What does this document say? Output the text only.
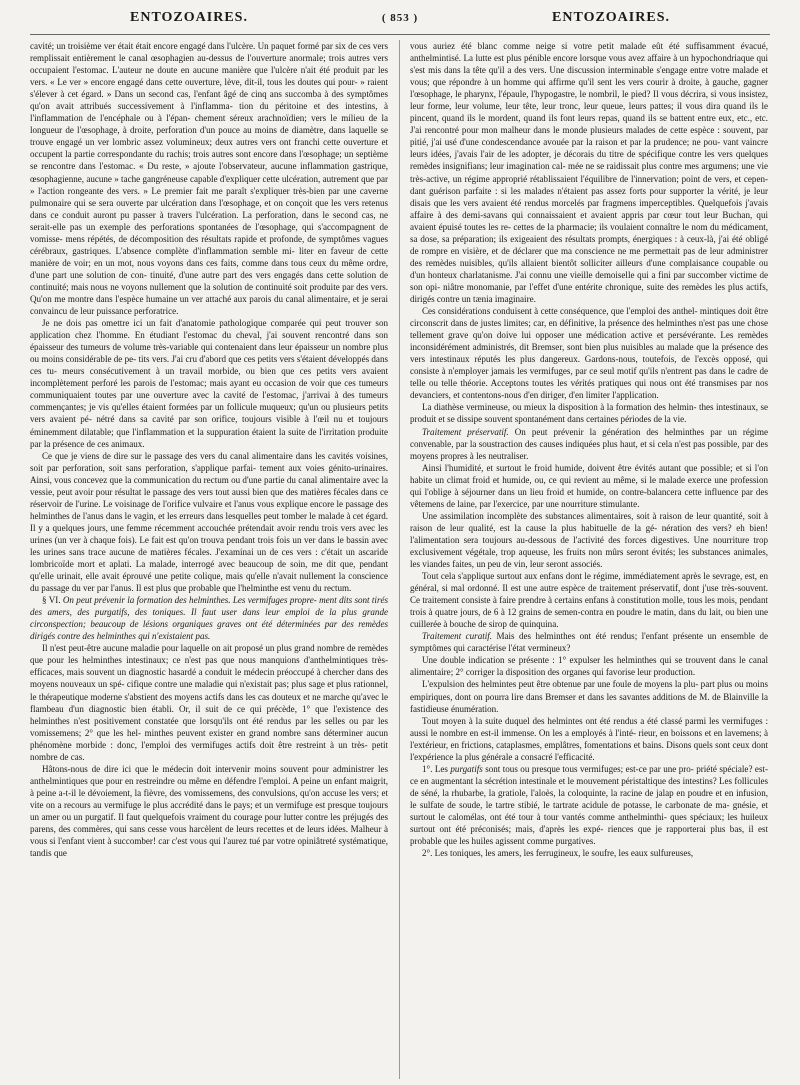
ENTOZOAIRES.	( 853 )	ENTOZOAIRES.

cavité; un troisième ver était était encore engagé dans l'ulcère. Un paquet formé par six de ces vers remplissait entièrement le canal œsophagien au-dessus de l'ouverture anormale; trois autres vers occupaient l'estomac. L'auteur ne doute en aucune manière que l'ulcère n'ait été produit par les vers. « Le ver » encore engagé dans cette ouverture, lève, dit-il, tous les doutes qui pour- » raient s'élever à cet égard. » Dans un second cas, l'enfant âgé de cinq ans succomba à des symptômes qu'on avait attribués successivement à l'inflamma- tion du péritoine et des intestins, à l'inflammation de l'encéphale ou à l'épan- chement séreux arachnoïdien; vers le milieu de la longueur de l'œsophage, à droite, perforation d'un pouce au moins de diamètre, dans laquelle se trouve engagé un ver lombric assez volumineux; deux autres vers ont franchi cette ouverture et occupent la partie correspondante du rachis; trois autres sont encore dans l'œsophage; un septième se rencontre dans l'estomac. « Du reste, » ajoute l'observateur, aucune inflammation gastrique, œsophagienne, aucune » tache gangréneuse capable d'expliquer cette ulcération, autrement que par » l'action rongeante des vers. » Le premier fait me paraît s'expliquer très-bien par une caverne pulmonaire qui se sera ouverte par ulcération dans l'œsophage, et on conçoit que les vers retenus dans ce conduit auront pu passer à travers l'ulcération. La perforation, dans le second cas, ne serait-elle pas un exemple des perforations spontanées de l'œsophage, qui s'accompagnent de vomisse- mens répétés, de décomposition des résultats rapide et profonde, de symptômes vagues cérébraux, gastriques. L'absence complète d'inflammation semble mi- liter en faveur de cette manière de voir; en un mot, nous voyons dans ces faits, comme dans tous ceux du même ordre, d'une part une solution de con- tinuité, d'une autre part des vers engagés dans cette solution de continuité; mais nous ne voyons nullement que la solution de continuité soit produite par des vers. Qu'on me montre dans l'espèce humaine un ver attaché aux parois du canal alimentaire, et je serai convaincu de leur puissance perforatrice.

Je ne dois pas omettre ici un fait d'anatomie pathologique comparée qui peut trouver son application chez l'homme. En étudiant l'estomac du cheval, j'ai souvent rencontré dans son épaisseur des tumeurs de volume très-variable qui contenaient dans leur épaisseur un nombre plus ou moins considérable de pe- tits vers. J'ai cru d'abord que ces petits vers s'étaient développés dans ces tu- meurs consécutivement à un travail morbide, ou bien que ces petits vers avaient incomplètement perforé les parois de l'estomac; mais ayant eu occasion de voir que ces tumeurs communiquaient toutes par une ouverture avec la cavité de l'estomac, j'arrivai à des tumeurs commençantes; je vis qu'elles étaient formées par un follicule muqueux; qu'un ou plusieurs petits vers avaient pé- nétré dans sa cavité par son orifice, toujours visible à l'œil nu et toujours éminemment dilatable; que l'inflammation et la suppuration étaient la suite de l'irritation produite par la présence de ces animaux.

Ce que je viens de dire sur le passage des vers du canal alimentaire dans les cavités voisines, soit par perforation, soit sans perforation, s'applique parfai- tement aux voies génito-urinaires. Ainsi, vous concevez que la communication du rectum ou d'une partie du canal alimentaire avec la vessie, peut avoir pour résultat le passage des vers tout aussi bien que des matières fécales dans ce réservoir de l'urine. Le voisinage de l'orifice vulvaire et l'anus vous explique encore le passage des helminthes de l'anus dans le vagin, et les erreurs dans lesquelles peut tomber le malade à cet égard. Il y a quelques jours, une femme récemment accouchée prétendait avoir rendu trois vers avec les urines (un ver à chaque fois). Le fait est qu'on trouva pendant trois fois un ver dans le bassin avec les urines sans trace aucune de matières fécales. J'examinai un de ces vers : c'était un ascaride lombricoïde mort et aplati. La malade, interrogé avec beaucoup de soin, me dit que, pendant qu'elle urinait, elle avait éprouvé une petite colique, mais qu'elle n'avait nullement la conscience du passage du ver par l'anus. Il est plus que probable que l'helminthe est venu du rectum.

§ VI. On peut prévenir la formation des helminthes. Les vermifuges propre- ment dits sont tirés des amers, des purgatifs, des toniques. Il faut user dans leur emploi de la plus grande circonspection; beaucoup de lésions organiques graves ont été déterminées par des remèdes dirigés contre des helminthes qui n'existaient pas.

Il n'est peut-être aucune maladie pour laquelle on ait proposé un plus grand nombre de remèdes que pour les helminthes intestinaux; ce n'est pas que nous manquions d'anthelmintiques très-efficaces, mais souvent un diagnostic hasardé a conduit le médecin préoccupé à chercher dans des moyens nouveaux un spé- cifique contre une maladie qui n'existait pas; plus sage et plus rationnel, le thérapeutique moderne s'abstient des moyens actifs dans les cas douteux et ne marche qu'avec le flambeau d'un diagnostic bien établi. Or, il suit de ce qui précède, 1° que l'existence des helminthes n'est positivement constatée que lorsqu'ils ont été rendus par les selles ou par les vomissemens; 2° que les hel- minthes peuvent exister en grand nombre sans déterminer aucun phénomène morbide : donc, l'emploi des vermifuges actifs doit être restreint à un très- petit nombre de cas.

Hâtons-nous de dire ici que le médecin doit intervenir moins souvent pour administrer les anthelmintiques que pour en restreindre ou même en défendre l'emploi. A peine un enfant maigrit, à peine a-t-il le dévoiement, la fièvre, des vomissemens, des convulsions, qu'on accuse les vers; et vite on a recours au vermifuge le plus accrédité dans le pays; et un vermifuge est presque toujours un amer ou un purgatif. Il faut quelquefois vraiment du courage pour lutter contre les préjugés des parens, des commères, qui sans cesse vous harcèlent de leurs recettes et de leurs idées. Malheur à vous si l'enfant vient à succomber! car c'est vous qui l'aurez tué par votre opiniâtreté systématique, tandis que

vous auriez été blanc comme neige si votre petit malade eût été suffisamment évacué, anthelmintisé. La lutte est plus pénible encore lorsque vous avez affaire à un hypochondriaque qui s'est mis dans la tête qu'il a des vers. Une discussion interminable s'engage entre votre malade et vous; que répondre à un homme qui affirme qu'il sent les vers courir à droite, à gauche, gagner l'œsophage, le pharynx, l'épaule, l'hypogastre, le nombril, le pied? Il vous décrira, si vous insistez, leur forme, leur volume, leur tête, leur tronc, leur queue, leurs pattes; il vous dira quand ils le pincent, quand ils le mordent, quand ils font leurs repas, quand ils se battent entre eux, etc., etc. J'ai rencontré pour mon malheur dans le monde plusieurs malades de cette espèce : souvent, par pitié, j'ai usé d'une condescendance avouée par la raison et par la prudence; ne pou- vant vaincre leurs idées, j'avais l'air de les adopter, je décorais du titre de spécifique contre les vers quelques remèdes insignifians; leur imagination cal- mée ne se raidissait plus contre mes argumens; une vie très-active, un régime approprié rétablissaient l'équilibre de l'innervation; point de vers, et cepen- dant guérison parfaite : si les malades n'étaient pas assez forts pour supporter la vérité, je leur disais que les vers avaient été rendus morcelés par fragmens imperceptibles. Quelquefois j'avais affaire à des demi-savans qui connaissaient et avaient appris par cœur tout leur Buchan, qui avaient épuisé toutes les re- cettes de la pharmacie; ils voulaient connaître le nom du médicament, sa dose, sa préparation; ils exigeaient des résultats prompts, énergiques : à ceux-là, j'ai été obligé de rompre en visière, et de déclarer que ma conscience ne me permettait pas de leur administrer des remèdes nuisibles, qu'ils allaient bientôt solliciter ailleurs d'une complaisance coupable ou d'un honteux charlatanisme. J'ai connu une vieille demoiselle qui a fini par succomber victime de son opi- niâtre monomanie, par l'effet d'une entérite chronique, suite des remèdes les plus actifs, dirigés contre un tænia imaginaire.

Ces considérations conduisent à cette conséquence, que l'emploi des anthel- mintiques doit être circonscrit dans de justes limites; car, en définitive, la présence des helminthes n'est pas une chose tellement grave qu'on doive lui opposer une médication active et persévérante. Les remèdes inconsidérément administrés, dit Bremser, sont bien plus nuisibles au malade que la présence des vers intestinaux réputés les plus dangereux. Gardons-nous, toutefois, de l'excès opposé, qui consiste à n'employer jamais les vermifuges, par ce seul motif qu'ils n'entrent pas dans le cadre de telle ou telle théorie. Acceptons toutes les vérités pratiques qui nous ont été transmises par nos devanciers, et contentons-nous d'en diriger, d'en limiter l'application.

La diathèse vermineuse, ou mieux la disposition à la formation des helmin- thes intestinaux, se produit et se dissipe souvent spontanément dans certaines périodes de la vie.

Traitement préservatif. On peut prévenir la génération des helminthes par un régime convenable, par la soustraction des causes indiquées plus haut, et si cela n'est pas possible, par des moyens propres à les neutraliser.

Ainsi l'humidité, et surtout le froid humide, doivent être évités autant que possible; et si l'on habite un climat froid et humide, ou, ce qui revient au même, si le malade exerce une profession qui l'oblige à séjourner dans un lieu froid et humide, on contre-balancera cette influence par des vêtemens de laine, par l'exercice, par une nourriture stimulante.

Une assimilation incomplète des substances alimentaires, soit à raison de leur quantité, soit à raison de leur qualité, est la cause la plus habituelle de la gé- nération des vers? eh bien! l'alimentation sera toujours au-dessous de l'activité des forces digestives. Une nourriture trop exclusivement végétale, trop aqueuse, les fruits non mûrs seront évités; les substances animales, les viandes faites, un peu de vin, leur seront associés.

Tout cela s'applique surtout aux enfans dont le régime, immédiatement après le sevrage, est, en général, si mal ordonné. Il est une autre espèce de traitement préservatif, dont j'use très-souvent. Ce traitement consiste à faire prendre à certains enfans à constitution molle, tous les mois, pendant trois à quatre jours, de 6 à 12 grains de semen-contra en poudre le matin, dans du lait, ou bien une cuillerée à bouche de sirop de quinquina.

Traitement curatif. Mais des helminthes ont été rendus; l'enfant présente un ensemble de symptômes qui caractérise l'état vermineux?

Une double indication se présente : 1° expulser les helminthes qui se trouvent dans le canal alimentaire; 2° corriger la disposition des organes qui favorise leur production.

L'expulsion des helmintes peut être obtenue par une foule de moyens la plu- part plus ou moins empiriques, dont on pourra lire dans Bremser et dans les savantes additions de M. de Blainville la fastidieuse énumération.

Tout moyen à la suite duquel des helmintes ont été rendus a été classé parmi les vermifuges : aussi le nombre en est-il immense. On les a employés à l'inté- rieur, en boissons et en lavemens; à l'extérieur, en frictions, cataplasmes, emplâtres, fomentations et bains. Disons quels sont ceux dont l'expérience la plus générale a consacré l'efficacité.

1°. Les purgatifs sont tous ou presque tous vermifuges; est-ce par une pro- priété spéciale? est-ce en augmentant la sécrétion intestinale et le mouvement péristaltique des intestins? Les follicules de séné, la rhubarbe, la gratiole, l'aloès, la coloquinte, la racine de jalap en poudre et en infusion, le sulfate de soude, le tartre stibié, le tartrate acidule de potasse, le carbonate de ma- gnésie, et surtout le calomélas, ont été tour à tour vantés comme anthelminthi- ques spéciaux; les huileux surtout ont été préconisés; mais, d'après les expé- riences que je rapporterai plus bas, il est probable que les huiles agissent comme purgatives.

2°. Les toniques, les amers, les ferrugineux, le soufre, les eaux sulfureuses,
